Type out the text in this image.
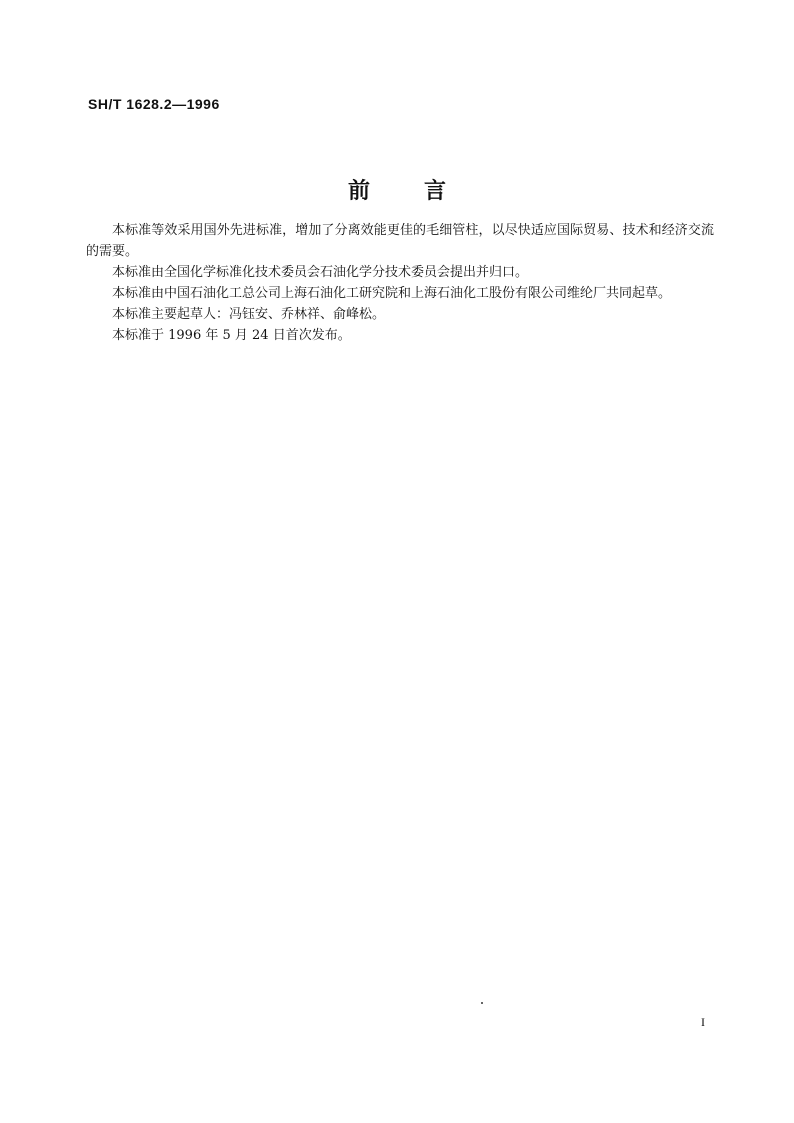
SH/T 1628.2—1996
前言

本标准等效采用国外先进标准，增加了分离效能更佳的毛细管柱，以尽快适应国际贸易、技术和经济交流的需要。

本标准由全国化学标准化技术委员会石油化学分技术委员会提出并归口。

本标准由中国石油化工总公司上海石油化工研究院和上海石油化工股份有限公司维纶厂共同起草。

本标准主要起草人：冯钰安、乔林祥、俞峰松。

本标准于 1996 年 5 月 24 日首次发布。

I
